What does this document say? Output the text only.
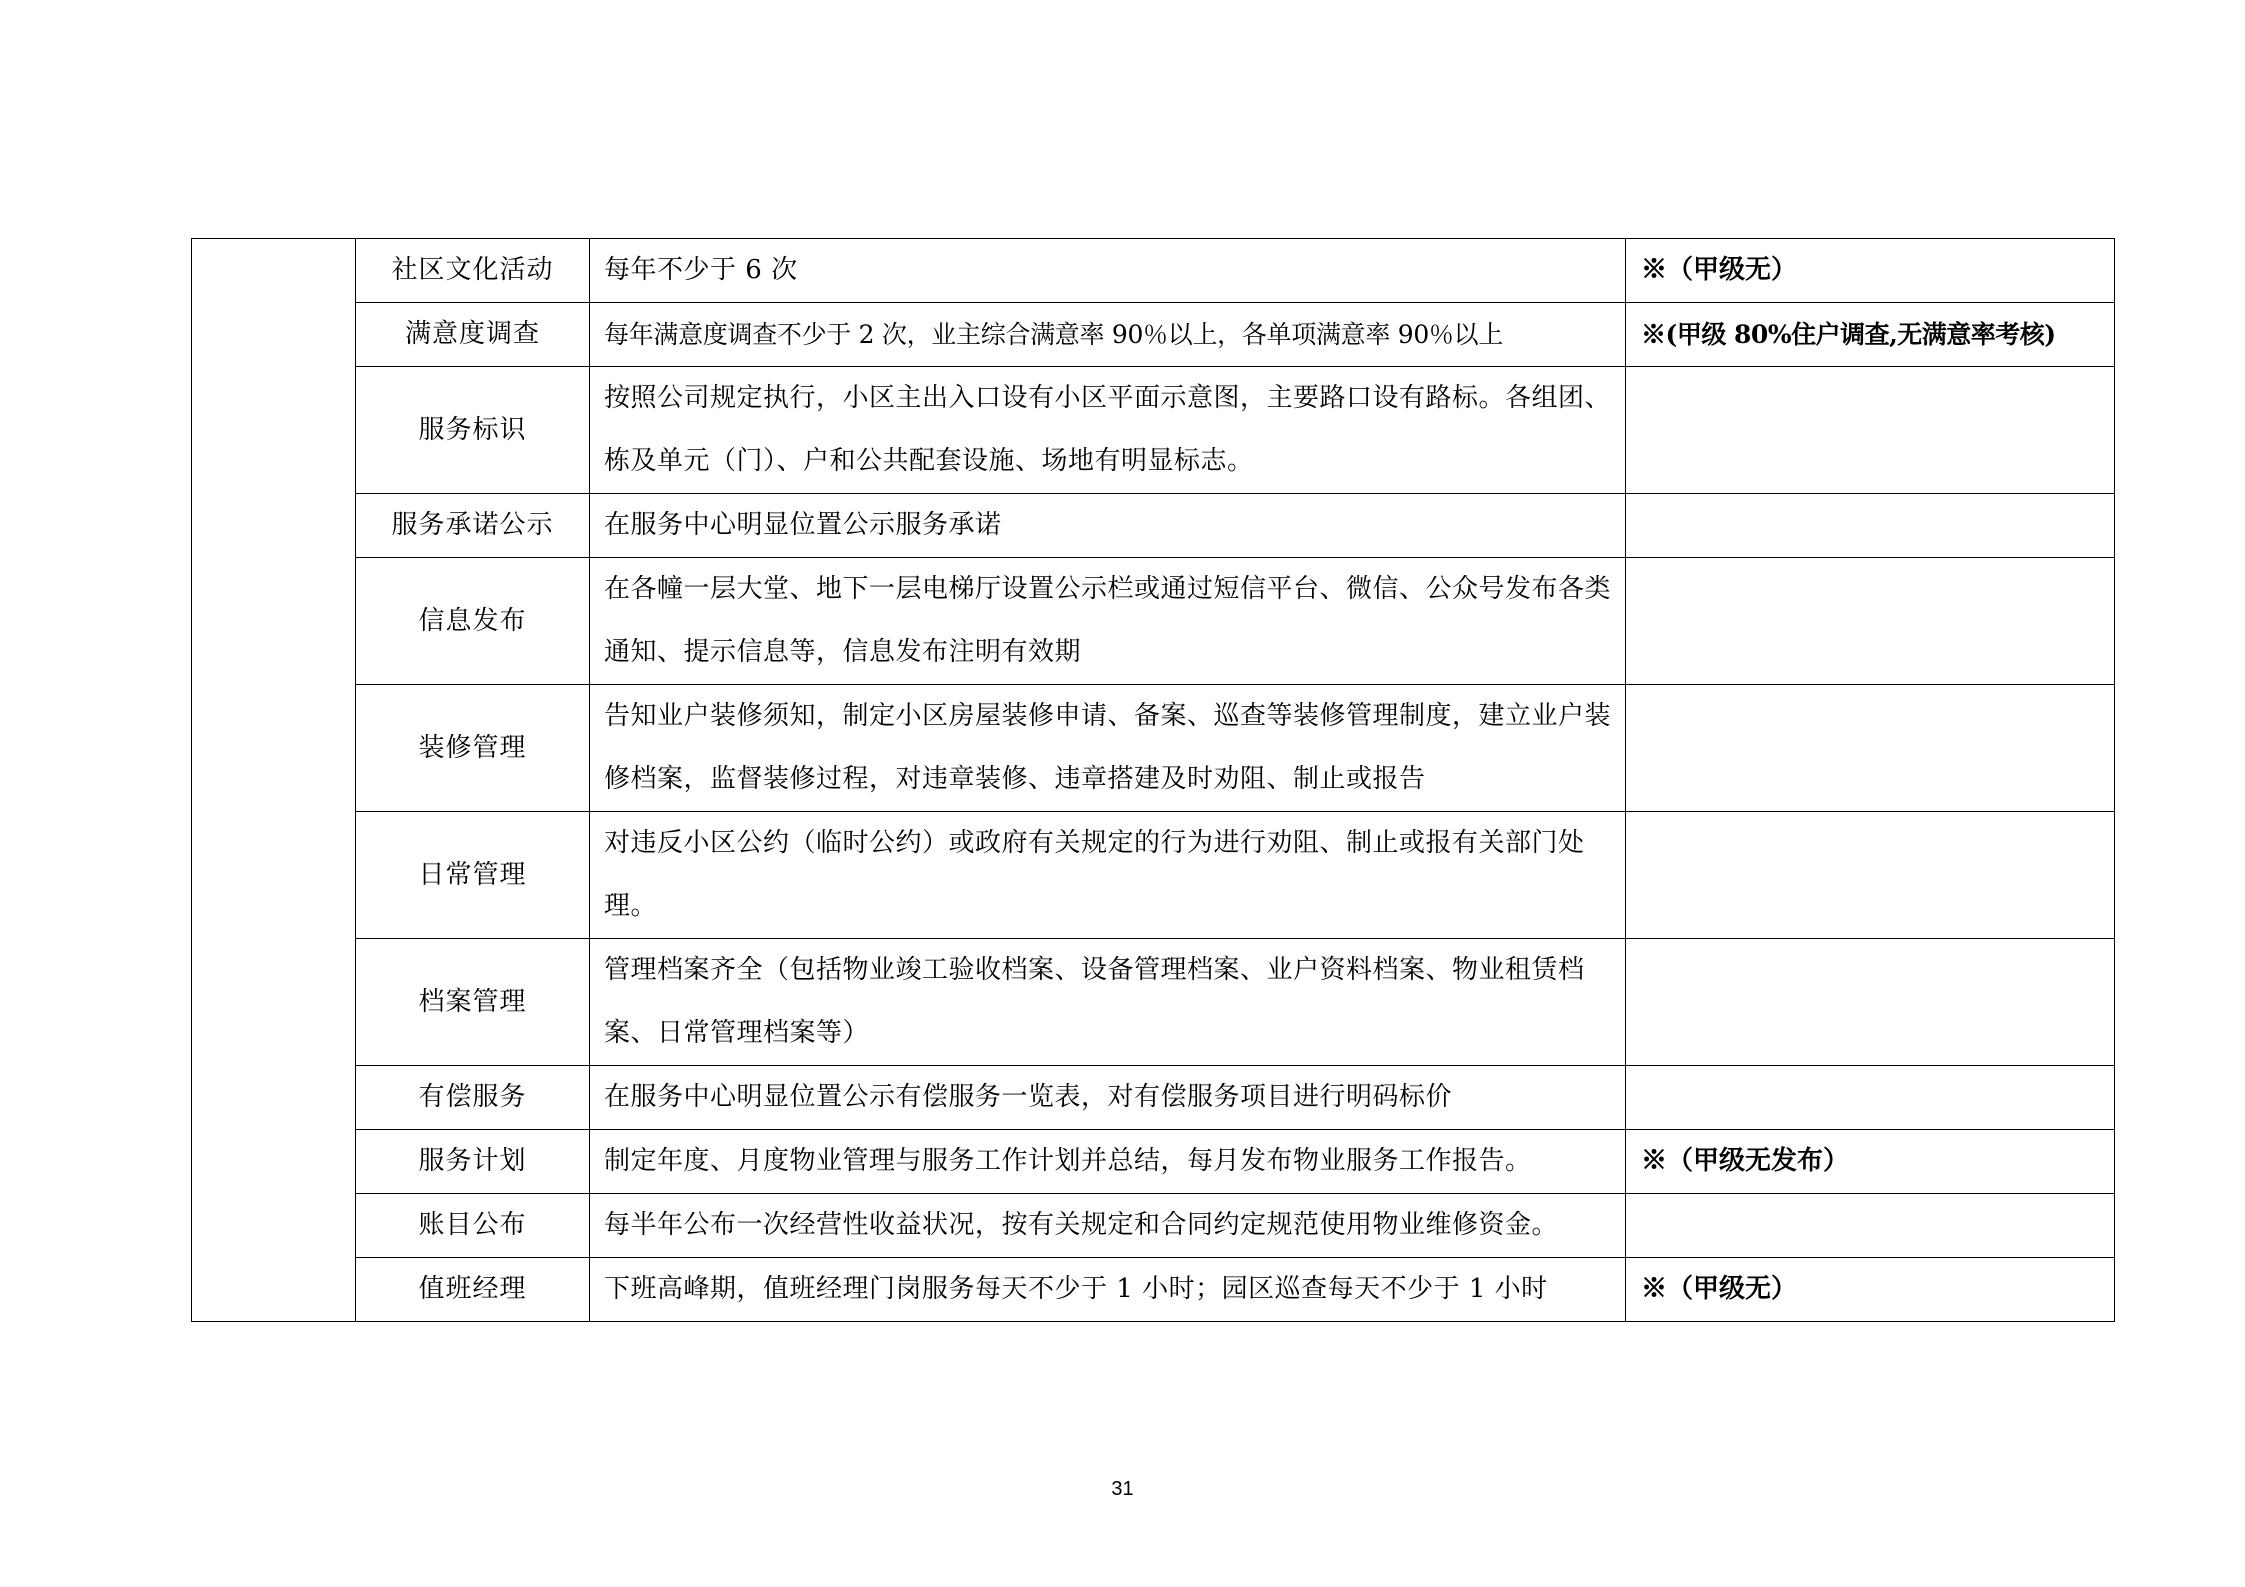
	社区文化活动	每年不少于 6 次	※（甲级无）
	满意度调查	每年满意度调查不少于 2 次，业主综合满意率 90％以上，各单项满意率 90％以上	※(甲级 80%住户调查,无满意率考核)
	服务标识	按照公司规定执行，小区主出入口设有小区平面示意图，主要路口设有路标。各组团、栋及单元（门）、户和公共配套设施、场地有明显标志。	
	服务承诺公示	在服务中心明显位置公示服务承诺	
	信息发布	在各幢一层大堂、地下一层电梯厅设置公示栏或通过短信平台、微信、公众号发布各类通知、提示信息等，信息发布注明有效期	
	装修管理	告知业户装修须知，制定小区房屋装修申请、备案、巡查等装修管理制度，建立业户装修档案，监督装修过程，对违章装修、违章搭建及时劝阻、制止或报告	
	日常管理	对违反小区公约（临时公约）或政府有关规定的行为进行劝阻、制止或报有关部门处理。	
	档案管理	管理档案齐全（包括物业竣工验收档案、设备管理档案、业户资料档案、物业租赁档案、日常管理档案等）	
	有偿服务	在服务中心明显位置公示有偿服务一览表，对有偿服务项目进行明码标价	
	服务计划	制定年度、月度物业管理与服务工作计划并总结，每月发布物业服务工作报告。	※（甲级无发布）
	账目公布	每半年公布一次经营性收益状况，按有关规定和合同约定规范使用物业维修资金。	
	值班经理	下班高峰期，值班经理门岗服务每天不少于 1 小时；园区巡查每天不少于 1 小时	※（甲级无）
31
